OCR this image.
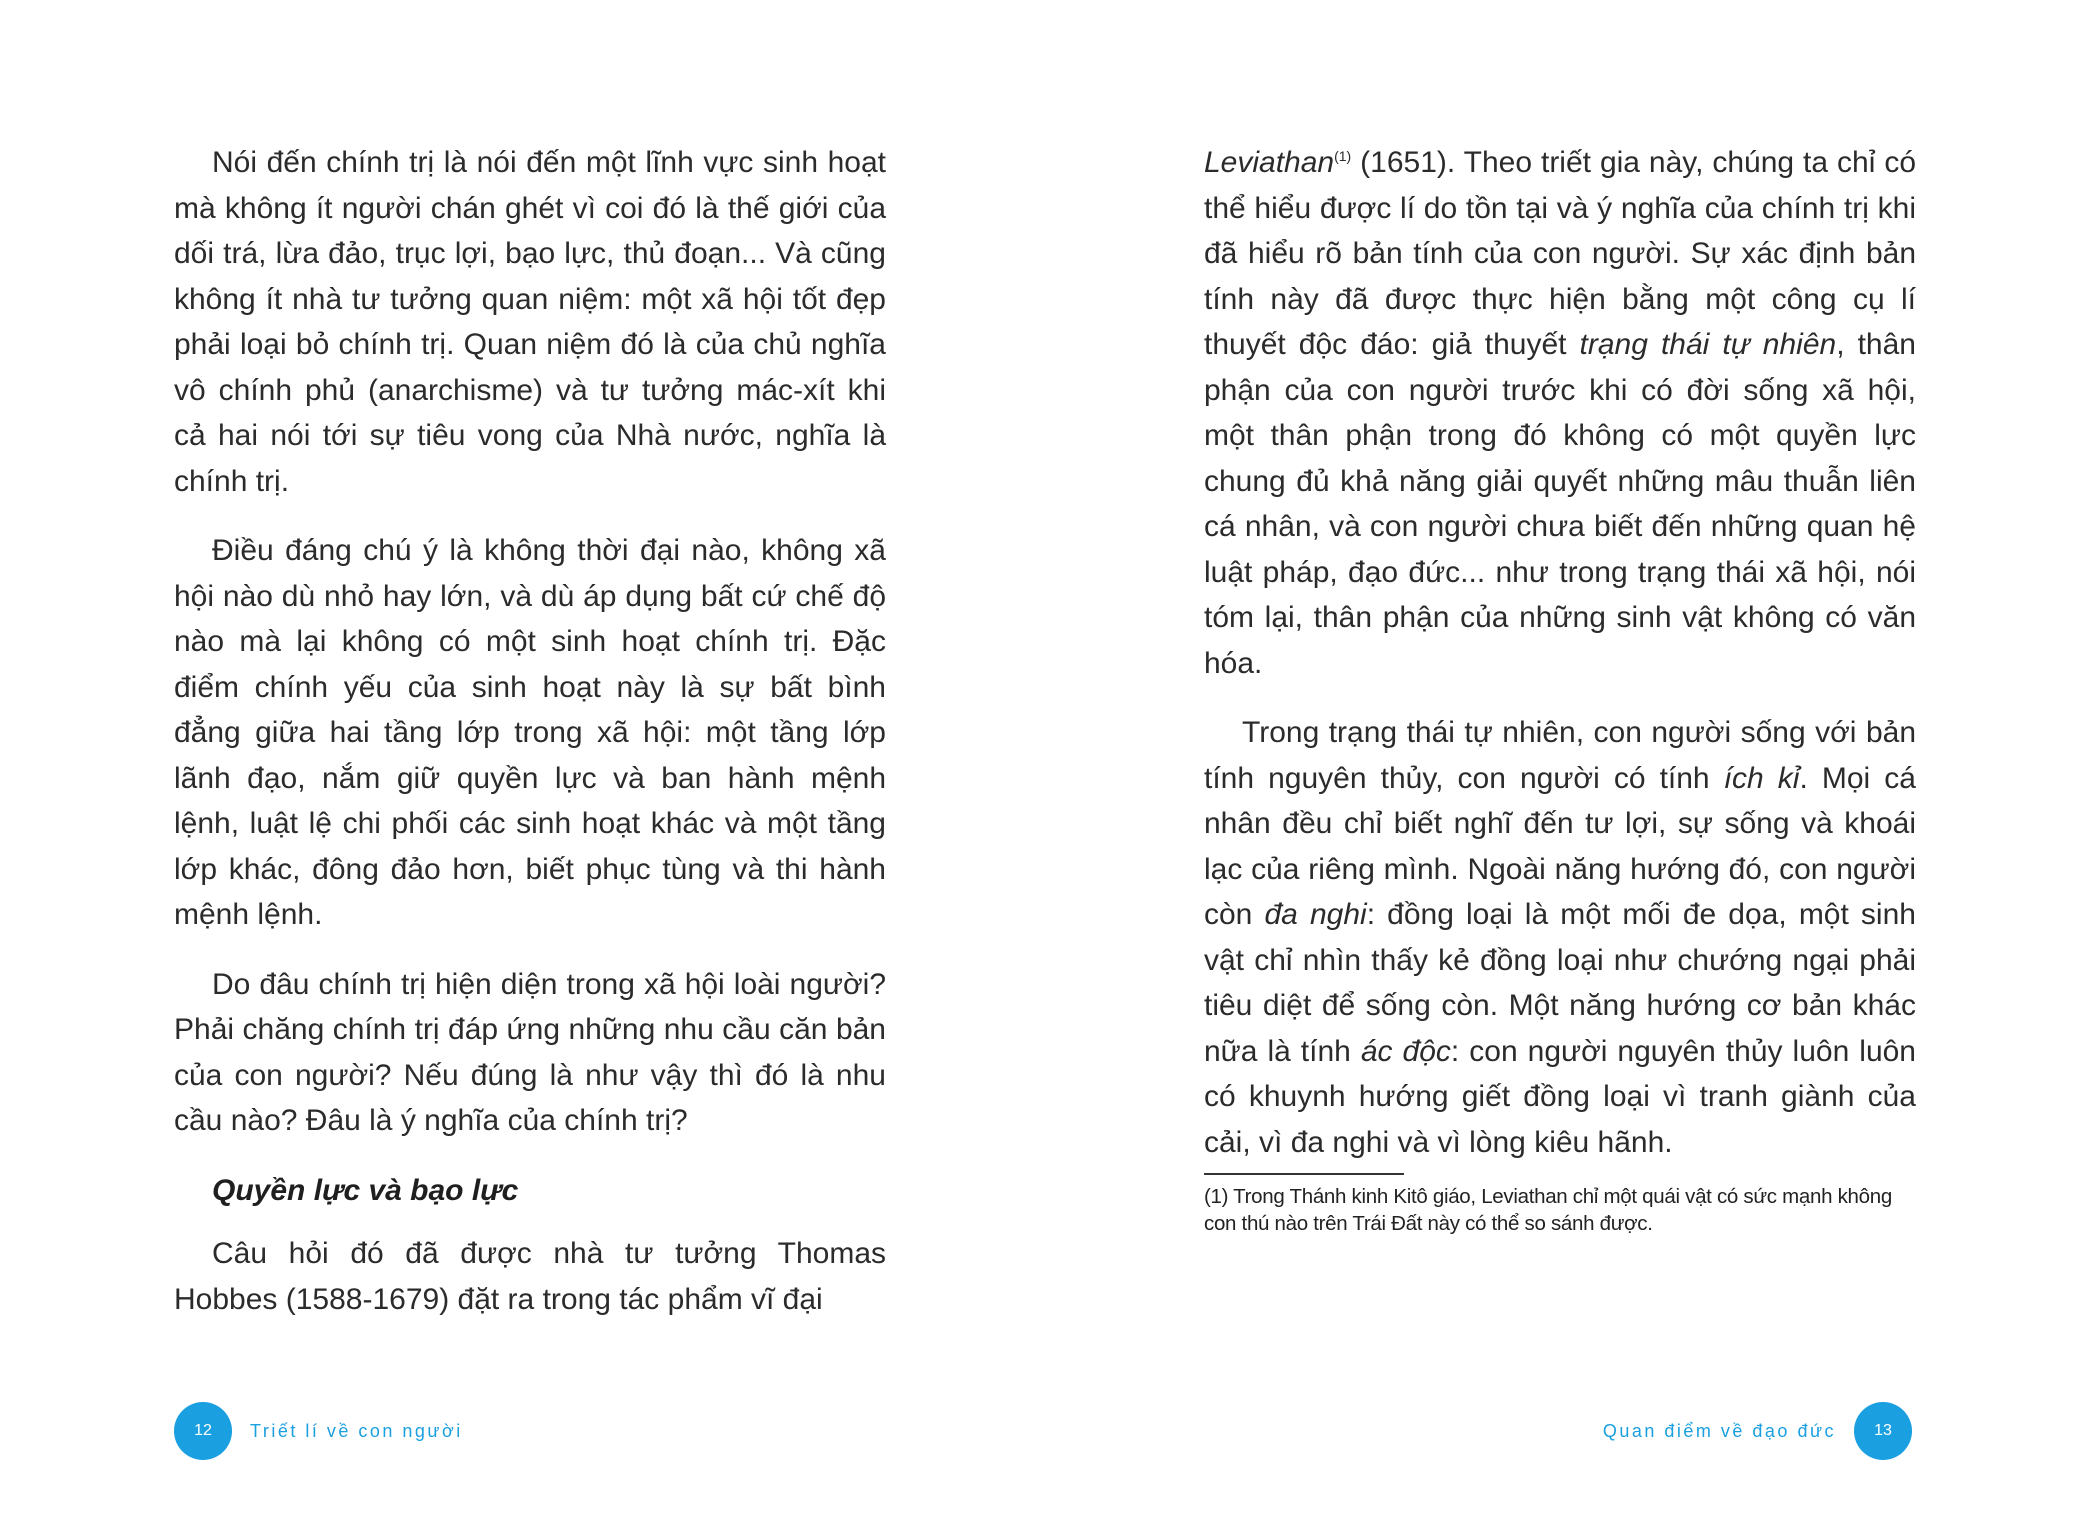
Nói đến chính trị là nói đến một lĩnh vực sinh hoạt mà không ít người chán ghét vì coi đó là thế giới của dối trá, lừa đảo, trục lợi, bạo lực, thủ đoạn... Và cũng không ít nhà tư tưởng quan niệm: một xã hội tốt đẹp phải loại bỏ chính trị. Quan niệm đó là của chủ nghĩa vô chính phủ (anarchisme) và tư tưởng mác-xít khi cả hai nói tới sự tiêu vong của Nhà nước, nghĩa là chính trị.

Điều đáng chú ý là không thời đại nào, không xã hội nào dù nhỏ hay lớn, và dù áp dụng bất cứ chế độ nào mà lại không có một sinh hoạt chính trị. Đặc điểm chính yếu của sinh hoạt này là sự bất bình đẳng giữa hai tầng lớp trong xã hội: một tầng lớp lãnh đạo, nắm giữ quyền lực và ban hành mệnh lệnh, luật lệ chi phối các sinh hoạt khác và một tầng lớp khác, đông đảo hơn, biết phục tùng và thi hành mệnh lệnh.

Do đâu chính trị hiện diện trong xã hội loài người? Phải chăng chính trị đáp ứng những nhu cầu căn bản của con người? Nếu đúng là như vậy thì đó là nhu cầu nào? Đâu là ý nghĩa của chính trị?

Quyền lực và bạo lực

Câu hỏi đó đã được nhà tư tưởng Thomas Hobbes (1588-1679) đặt ra trong tác phẩm vĩ đại

12	Triết lí về con người

Leviathan$^{(1)}$ (1651). Theo triết gia này, chúng ta chỉ có thể hiểu được lí do tồn tại và ý nghĩa của chính trị khi đã hiểu rõ bản tính của con người. Sự xác định bản tính này đã được thực hiện bằng một công cụ lí thuyết độc đáo: giả thuyết trạng thái tự nhiên, thân phận của con người trước khi có đời sống xã hội, một thân phận trong đó không có một quyền lực chung đủ khả năng giải quyết những mâu thuẫn liên cá nhân, và con người chưa biết đến những quan hệ luật pháp, đạo đức... như trong trạng thái xã hội, nói tóm lại, thân phận của những sinh vật không có văn hóa.

Trong trạng thái tự nhiên, con người sống với bản tính nguyên thủy, con người có tính ích kỉ. Mọi cá nhân đều chỉ biết nghĩ đến tư lợi, sự sống và khoái lạc của riêng mình. Ngoài năng hướng đó, con người còn đa nghi: đồng loại là một mối đe dọa, một sinh vật chỉ nhìn thấy kẻ đồng loại như chướng ngại phải tiêu diệt để sống còn. Một năng hướng cơ bản khác nữa là tính ác độc: con người nguyên thủy luôn luôn có khuynh hướng giết đồng loại vì tranh giành của cải, vì đa nghi và vì lòng kiêu hãnh.

(1) Trong Thánh kinh Kitô giáo, Leviathan chỉ một quái vật có sức mạnh không con thú nào trên Trái Đất này có thể so sánh được.
Quan điểm về đạo đức	13
